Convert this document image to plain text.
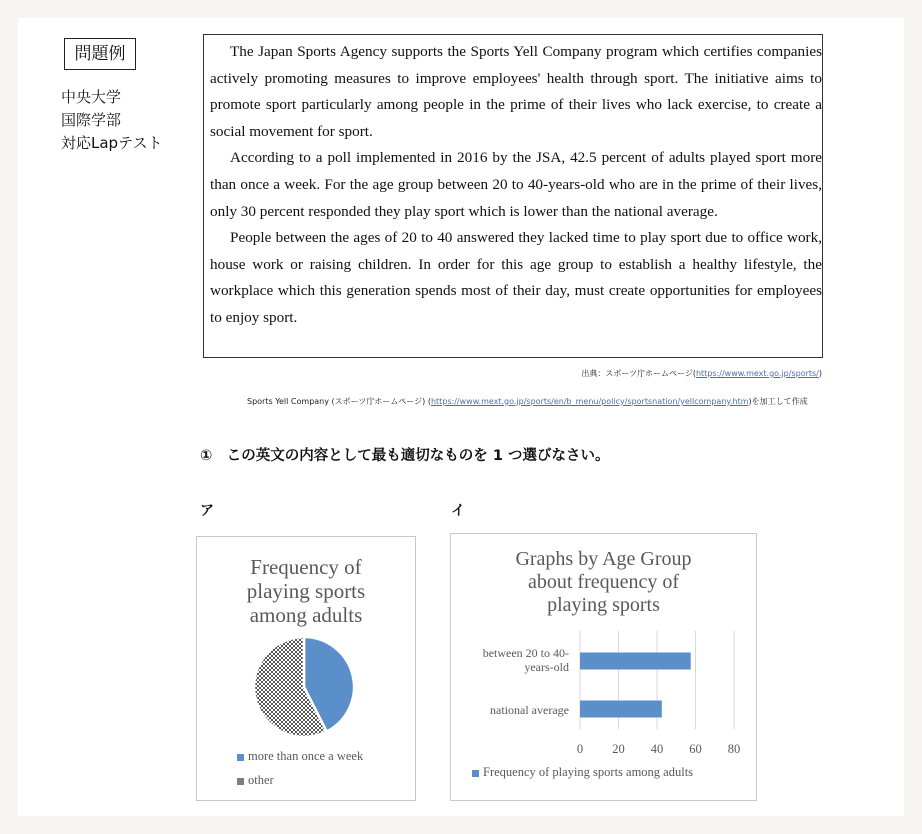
問題例
中央大学
国際学部
対応Lapテスト

The Japan Sports Agency supports the Sports Yell Company program which certifies companies actively promoting measures to improve employees' health through sport. The initiative aims to promote sport particularly among people in the prime of their lives who lack exercise, to create a social movement for sport.

According to a poll implemented in 2016 by the JSA, 42.5 percent of adults played sport more than once a week. For the age group between 20 to 40-years-old who are in the prime of their lives, only 30 percent responded they play sport which is lower than the national average.

People between the ages of 20 to 40 answered they lacked time to play sport due to office work, house work or raising children. In order for this age group to establish a healthy lifestyle, the workplace which this generation spends most of their day, must create opportunities for employees to enjoy sport.

出典：スポーツ庁ホームページ(https://www.mext.go.jp/sports/)
Sports Yell Company (スポーツ庁ホームページ) (https://www.mext.go.jp/sports/en/b_menu/policy/sportsnation/yellcompany.htm)を加工して作成
①　この英文の内容として最も適切なものを 1 つ選びなさい。
ア	イ
Frequency of
playing sports
among adults
more than once a week
other
Graphs by Age Group
about frequency of
playing sports
between 20 to 40-
years-old
national average
0 20 40 60 80
Frequency of playing sports among adults
